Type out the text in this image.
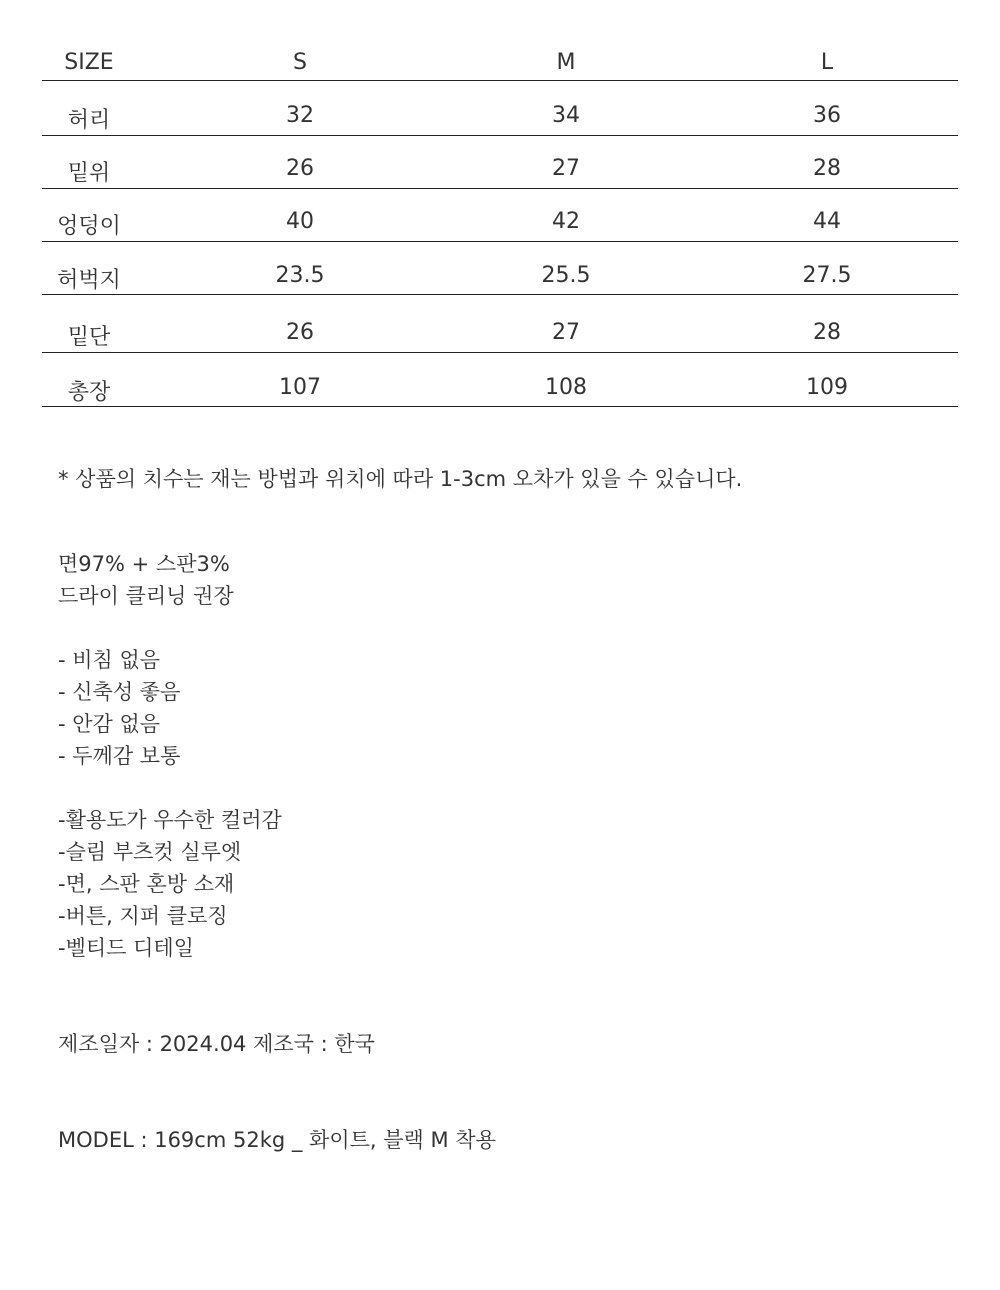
SIZE	S	M	L
허리	32	34	36
밑위	26	27	28
엉덩이	40	42	44
허벅지	23.5	25.5	27.5
밑단	26	27	28
총장	107	108	109
* 상품의 치수는 재는 방법과 위치에 따라 1-3cm 오차가 있을 수 있습니다.
면97% + 스판3%
드라이 클리닝 권장
- 비침 없음
- 신축성 좋음
- 안감 없음
- 두께감 보통
-활용도가 우수한 컬러감
-슬림 부츠컷 실루엣
-면, 스판 혼방 소재
-버튼, 지퍼 클로징
-벨티드 디테일
제조일자 : 2024.04 제조국 : 한국
MODEL : 169cm 52kg _ 화이트, 블랙 M 착용
